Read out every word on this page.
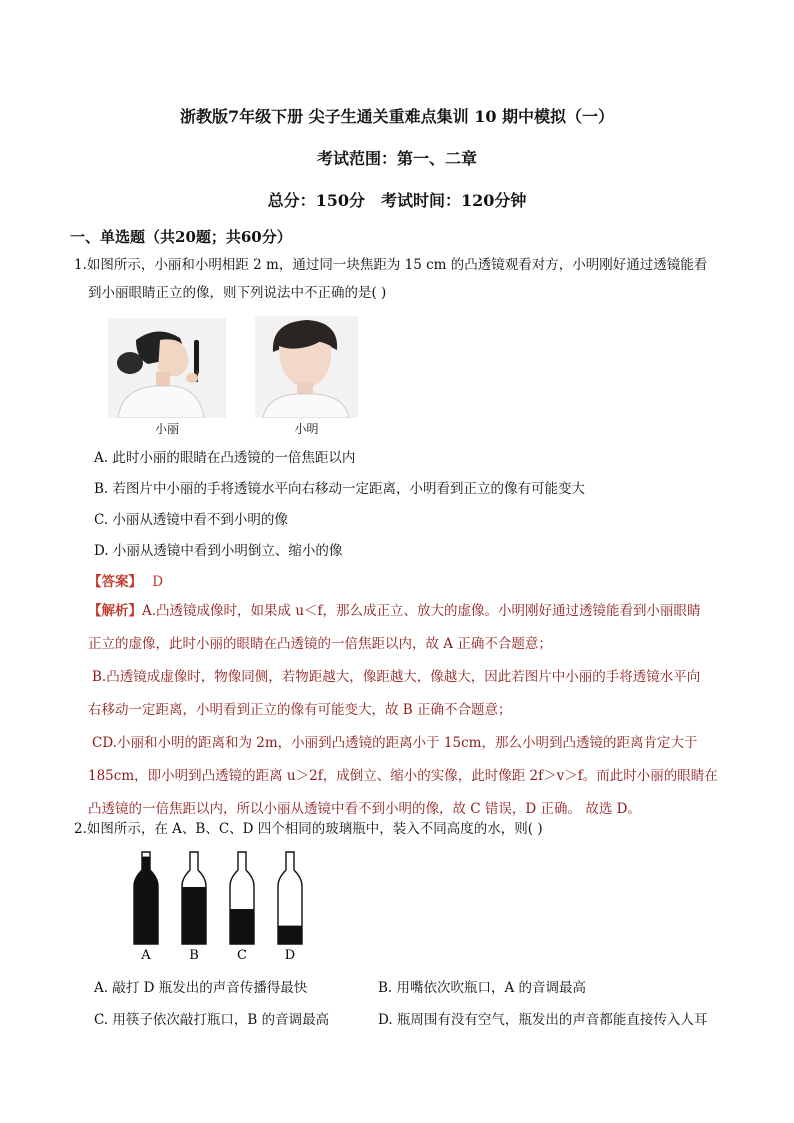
浙教版7年级下册 尖子生通关重难点集训 10 期中模拟（一）
考试范围：第一、二章
总分：150分　考试时间：120分钟
一、单选题（共20题；共60分）
1.如图所示，小丽和小明相距 2 m，通过同一块焦距为 15 cm 的凸透镜观看对方，小明刚好通过透镜能看
到小丽眼睛正立的像，则下列说法中不正确的是( )
小丽	小明
A. 此时小丽的眼睛在凸透镜的一倍焦距以内
B. 若图片中小丽的手将透镜水平向右移动一定距离，小明看到正立的像有可能变大
C. 小丽从透镜中看不到小明的像
D. 小丽从透镜中看到小明倒立、缩小的像
【答案】 D
【解析】A.凸透镜成像时，如果成 u＜f，那么成正立、放大的虚像。小明刚好通过透镜能看到小丽眼睛
正立的虚像，此时小丽的眼睛在凸透镜的一倍焦距以内，故 A 正确不合题意；
B.凸透镜成虚像时，物像同侧，若物距越大，像距越大，像越大，因此若图片中小丽的手将透镜水平向
右移动一定距离，小明看到正立的像有可能变大，故 B 正确不合题意；
CD.小丽和小明的距离和为 2m，小丽到凸透镜的距离小于 15cm，那么小明到凸透镜的距离肯定大于
185cm，即小明到凸透镜的距离 u＞2f，成倒立、缩小的实像，此时像距 2f＞v＞f。而此时小丽的眼睛在
凸透镜的一倍焦距以内，所以小丽从透镜中看不到小明的像，故 C 错误，D 正确。 故选 D。
2.如图所示，在 A、B、C、D 四个相同的玻璃瓶中，装入不同高度的水，则( )
A	B	C	D
A. 敲打 D 瓶发出的声音传播得最快	B. 用嘴依次吹瓶口，A 的音调最高
C. 用筷子依次敲打瓶口，B 的音调最高	D. 瓶周围有没有空气，瓶发出的声音都能直接传入人耳
